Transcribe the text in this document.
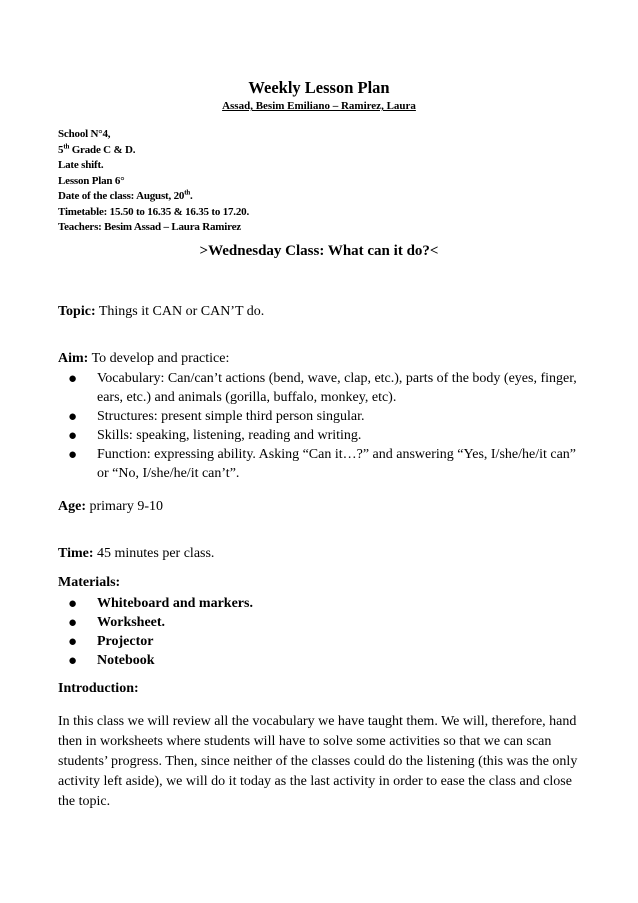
Weekly Lesson Plan
Assad, Besim Emiliano – Ramirez, Laura
School N°4,
5th Grade C & D.
Late shift.
Lesson Plan 6°
Date of the class: August, 20th.
Timetable: 15.50 to 16.35 & 16.35 to 17.20.
Teachers: Besim Assad – Laura Ramirez
>Wednesday Class: What can it do?<
Topic: Things it CAN or CAN’T do.
Aim: To develop and practice:
● Vocabulary: Can/can’t actions (bend, wave, clap, etc.), parts of the body (eyes, finger, ears, etc.) and animals (gorilla, buffalo, monkey, etc).
● Structures: present simple third person singular.
● Skills: speaking, listening, reading and writing.
● Function: expressing ability. Asking “Can it…?” and answering “Yes, I/she/he/it can” or “No, I/she/he/it can’t”.
Age: primary 9-10
Time: 45 minutes per class.
Materials:
● Whiteboard and markers.
● Worksheet.
● Projector
● Notebook
Introduction:
In this class we will review all the vocabulary we have taught them. We will, therefore, hand then in worksheets where students will have to solve some activities so that we can scan students’ progress. Then, since neither of the classes could do the listening (this was the only activity left aside), we will do it today as the last activity in order to ease the class and close the topic.
